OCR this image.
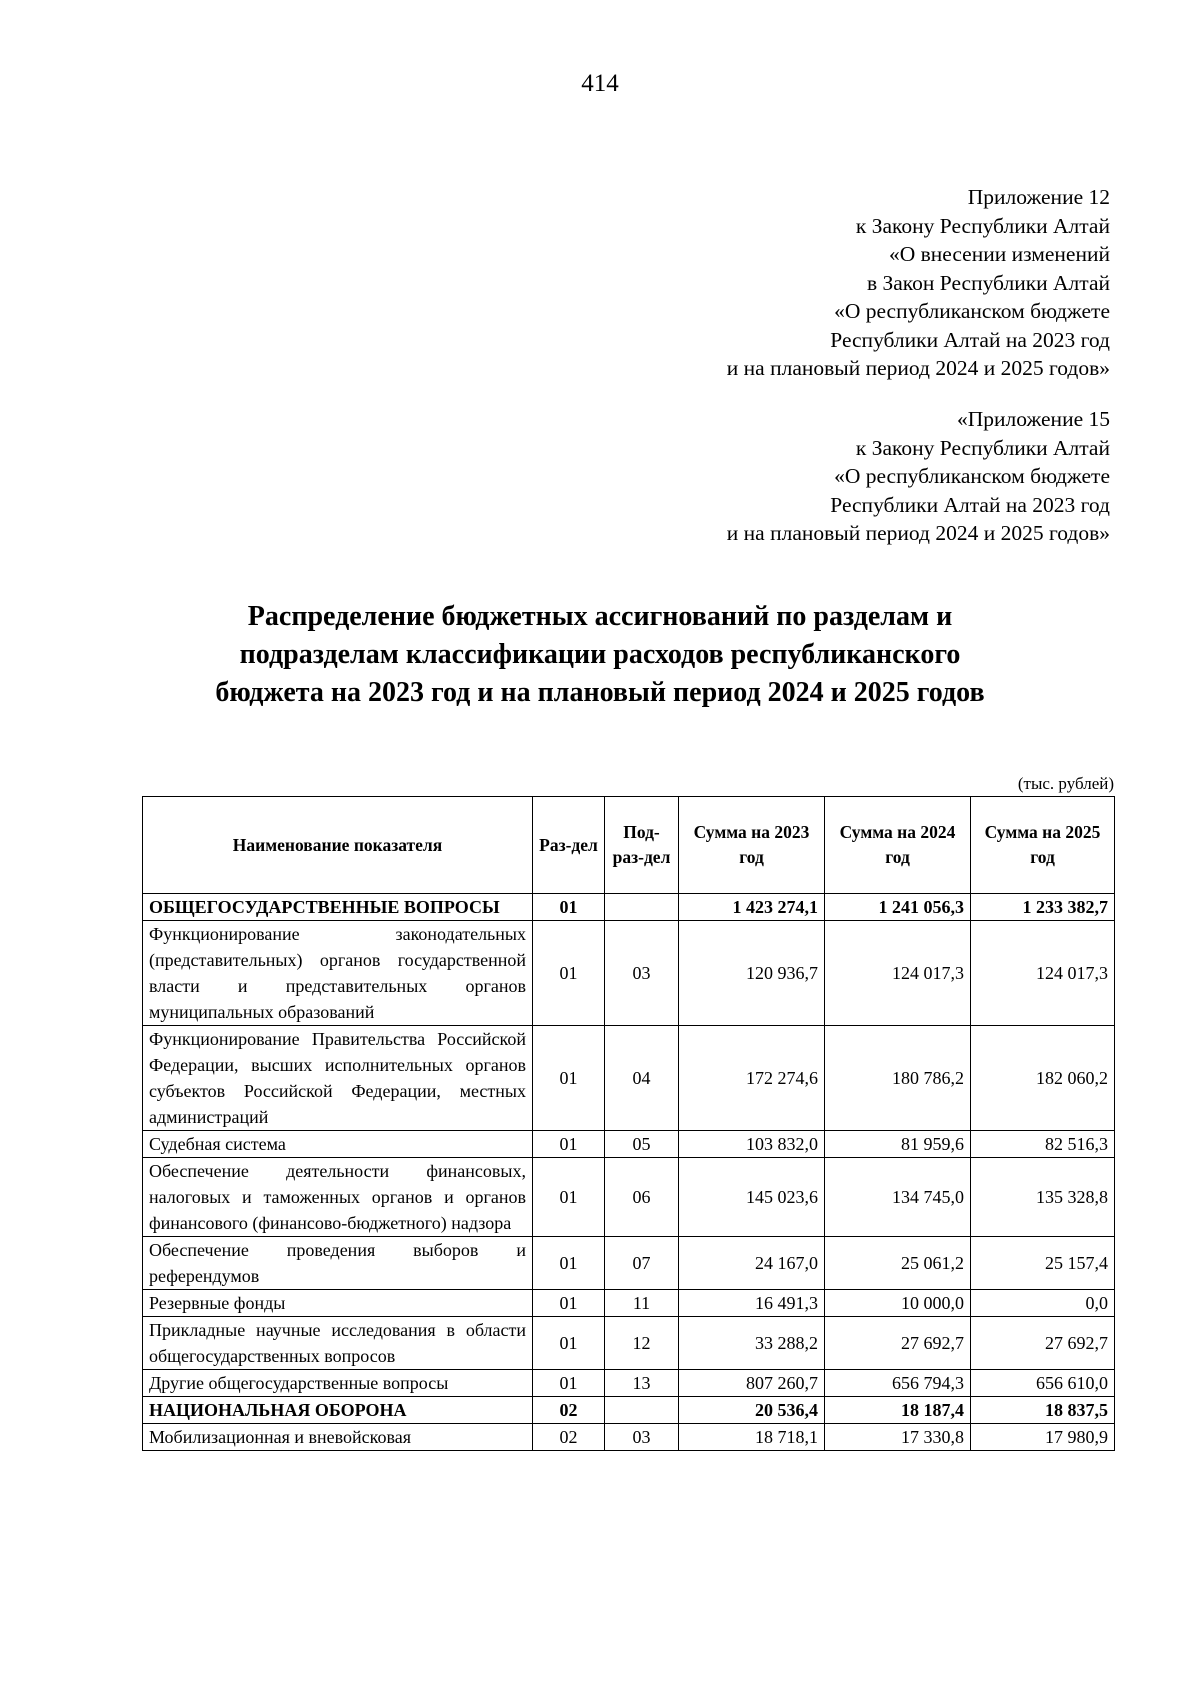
414
Приложение 12
к Закону Республики Алтай
«О внесении изменений
в Закон Республики Алтай
«О республиканском бюджете
Республики Алтай на 2023 год
и на плановый период 2024 и 2025 годов»
«Приложение 15
к Закону Республики Алтай
«О республиканском бюджете
Республики Алтай на 2023 год
и на плановый период 2024 и 2025 годов»
Распределение бюджетных ассигнований по разделам и
подразделам классификации расходов республиканского
бюджета на 2023 год и на плановый период 2024 и 2025 годов
(тыс. рублей)
Наименование показателя	Раз-дел	Под-раз-дел	Сумма на 2023 год	Сумма на 2024 год	Сумма на 2025 год
ОБЩЕГОСУДАРСТВЕННЫЕ ВОПРОСЫ	01		1 423 274,1	1 241 056,3	1 233 382,7
Функционирование законодательных (представительных) органов государственной власти и представительных органов муниципальных образований	01	03	120 936,7	124 017,3	124 017,3
Функционирование Правительства Российской Федерации, высших исполнительных органов субъектов Российской Федерации, местных администраций	01	04	172 274,6	180 786,2	182 060,2
Судебная система	01	05	103 832,0	81 959,6	82 516,3
Обеспечение деятельности финансовых, налоговых и таможенных органов и органов финансового (финансово-бюджетного) надзора	01	06	145 023,6	134 745,0	135 328,8
Обеспечение проведения выборов и референдумов	01	07	24 167,0	25 061,2	25 157,4
Резервные фонды	01	11	16 491,3	10 000,0	0,0
Прикладные научные исследования в области общегосударственных вопросов	01	12	33 288,2	27 692,7	27 692,7
Другие общегосударственные вопросы	01	13	807 260,7	656 794,3	656 610,0
НАЦИОНАЛЬНАЯ ОБОРОНА	02		20 536,4	18 187,4	18 837,5
Мобилизационная и вневойсковая	02	03	18 718,1	17 330,8	17 980,9
